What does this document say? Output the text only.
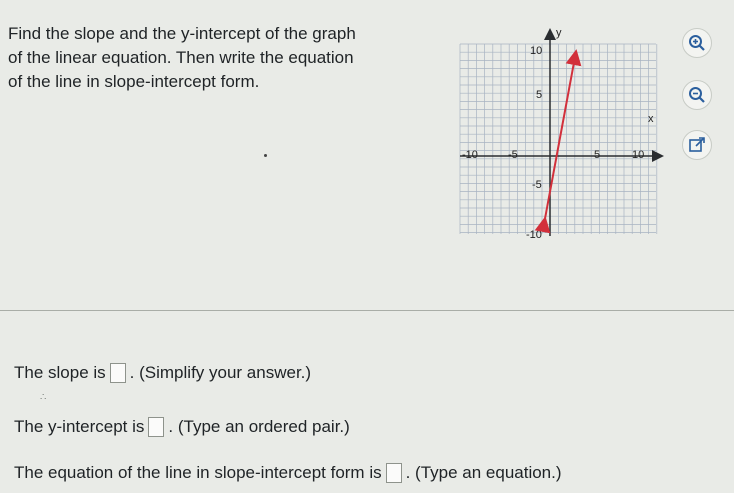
Find the slope and the y-intercept of the graph
of the linear equation. Then write the equation
of the line in slope-intercept form.
x
y
-10	-5	5	10
10
5
-5
-10
The slope is . (Simplify your answer.)
∴
The y-intercept is . (Type an ordered pair.)
The equation of the line in slope-intercept form is . (Type an equation.)
